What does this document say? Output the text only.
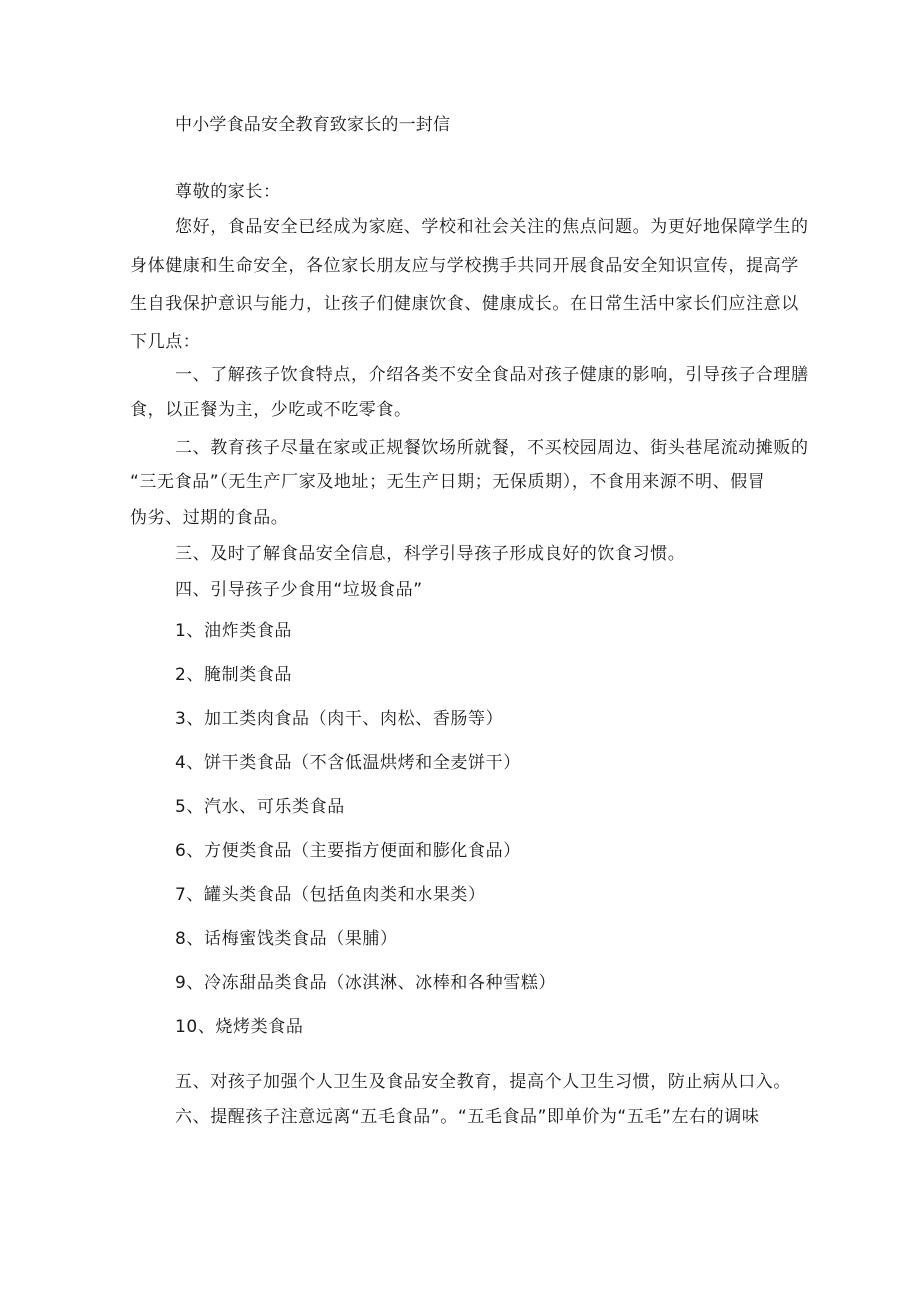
中小学食品安全教育致家长的一封信
尊敬的家长：
您好，食品安全已经成为家庭、学校和社会关注的焦点问题。为更好地保障学生的
身体健康和生命安全，各位家长朋友应与学校携手共同开展食品安全知识宣传，提高学
生自我保护意识与能力，让孩子们健康饮食、健康成长。在日常生活中家长们应注意以
下几点：
一、了解孩子饮食特点，介绍各类不安全食品对孩子健康的影响，引导孩子合理膳
食，以正餐为主，少吃或不吃零食。
二、教育孩子尽量在家或正规餐饮场所就餐，不买校园周边、街头巷尾流动摊贩的
“三无食品”（无生产厂家及地址；无生产日期；无保质期），不食用来源不明、假冒
伪劣、过期的食品。
三、及时了解食品安全信息，科学引导孩子形成良好的饮食习惯。
四、引导孩子少食用“垃圾食品”
1、油炸类食品
2、腌制类食品
3、加工类肉食品（肉干、肉松、香肠等）
4、饼干类食品（不含低温烘烤和全麦饼干）
5、汽水、可乐类食品
6、方便类食品（主要指方便面和膨化食品）
7、罐头类食品（包括鱼肉类和水果类）
8、话梅蜜饯类食品（果脯）
9、冷冻甜品类食品（冰淇淋、冰棒和各种雪糕）
10、烧烤类食品
五、对孩子加强个人卫生及食品安全教育，提高个人卫生习惯，防止病从口入。
六、提醒孩子注意远离“五毛食品”。“五毛食品”即单价为“五毛”左右的调味
